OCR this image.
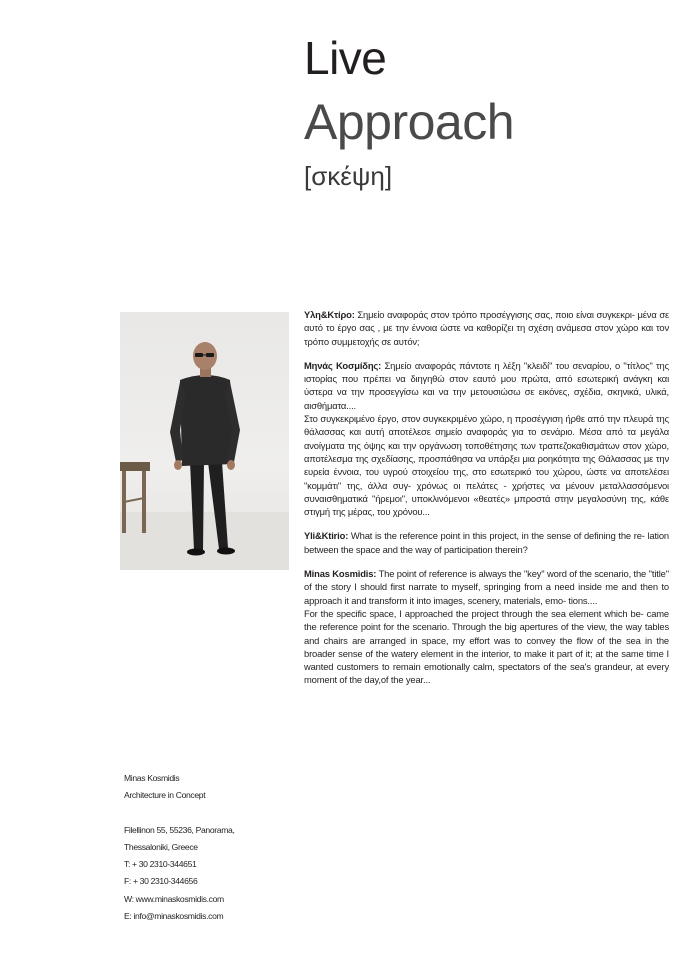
Live
Approach
[σκέψη]

Υλη&Κτίρο: Σημείο αναφοράς στον τρόπο προσέγγισης σας, ποιο είναι συγκεκρι- μένα σε αυτό το έργο σας , με την έννοια ώστε να καθορίζει τη σχέση ανάμεσα στον χώρο και τον τρόπο συμμετοχής σε αυτόν;

Μηνάς Κοσμίδης: Σημείο αναφοράς πάντοτε η λέξη "κλειδί" του σεναρίου, ο "τίτλος" της ιστορίας που πρέπει να διηγηθώ στον εαυτό μου πρώτα, από εσωτερική ανάγκη και ύστερα να την προσεγγίσω και να την μετουσιώσω σε εικόνες, σχέδια, σκηνικά, υλικά, αισθήματα....

Στο συγκεκριμένο έργο, στον συγκεκριμένο χώρο, η προσέγγιση ήρθε από την πλευρά της θάλασσας και αυτή αποτέλεσε σημείο αναφοράς για το σενάριο. Μέσα από τα μεγάλα ανοίγματα της όψης και την οργάνωση τοποθέτησης των τραπεζοκαθισμάτων στον χώρο, αποτέλεσμα της σχεδίασης, προσπάθησα να υπάρξει μια ροηκότητα της Θάλασσας με την ευρεία έννοια, του υγρού στοιχείου της, στο εσωτερικό του χώρου, ώστε να αποτελέσει "κομμάτι" της, άλλα συγ- χρόνως οι πελάτες - χρήστες να μένουν μεταλλασσόμενοι συναισθηματικά "ήρεμοι", υποκλινόμενοι «θεατές» μπροστά στην μεγαλοσύνη της, κάθε στιγμή της μέρας, του χρόνου...

Yli&Ktirio: What is the reference point in this project, in the sense of defining the re- lation between the space and the way of participation therein?

Minas Kosmidis: The point of reference is always the ''key'' word of the scenario, the ''title'' of the story I should first narrate to myself, springing from a need inside me and then to approach it and transform it into images, scenery, materials, emo- tions....

For the specific space, I approached the project through the sea element which be- came the reference point for the scenario. Through the big apertures of the view, the way tables and chairs are arranged in space, my effort was to convey the flow of the sea in the broader sense of the watery element in the interior, to make it part of it; at the same time I wanted customers to remain emotionally calm, spectators of the sea's grandeur, at every moment of the day,of the year...

Minas Kosmidis
Architecture in Concept
Filellinon 55, 55236, Panorama,
Thessaloniki, Greece
T: + 30 2310-344651
F: + 30 2310-344656
W: www.minaskosmidis.com
E: info@minaskosmidis.com
